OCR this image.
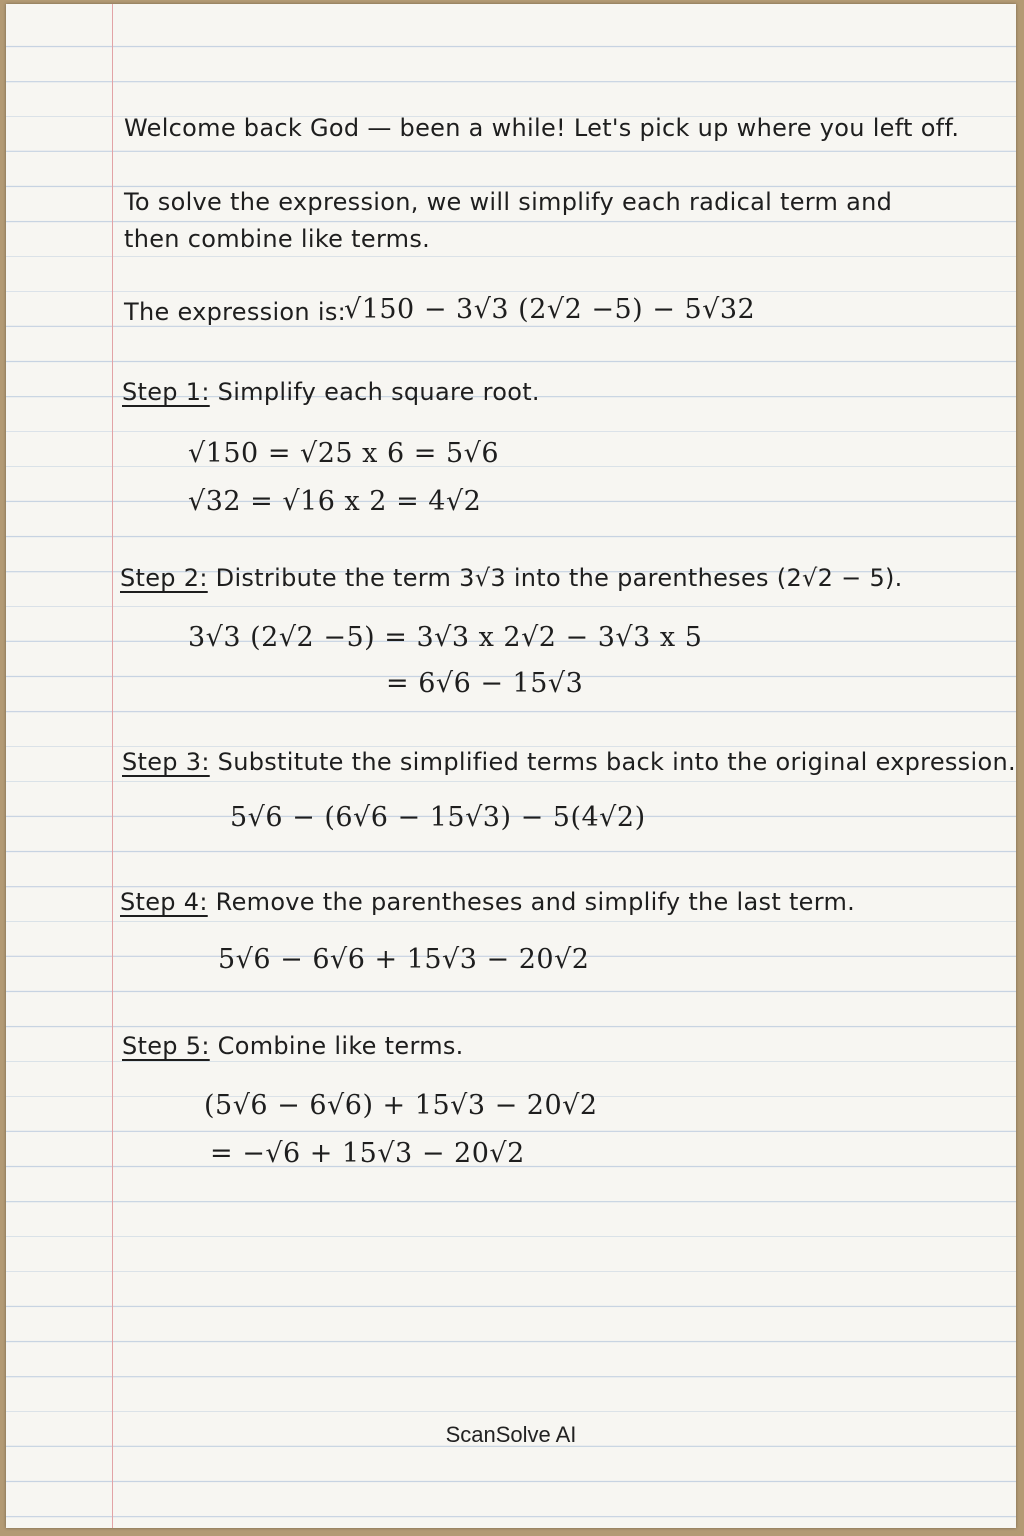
Welcome back God — been a while! Let's pick up where you left off.
To solve the expression, we will simplify each radical term and
then combine like terms.
The expression is:
√150 − 3√3 (2√2 −5) − 5√32
Step 1: Simplify each square root.
√150 = √25 x 6 = 5√6
√32 = √16 x 2 = 4√2
Step 2: Distribute the term 3√3 into the parentheses (2√2 − 5).
3√3 (2√2 −5) = 3√3 x 2√2 − 3√3 x 5
= 6√6 − 15√3
Step 3: Substitute the simplified terms back into the original expression.
5√6 − (6√6 − 15√3) − 5(4√2)
Step 4: Remove the parentheses and simplify the last term.
5√6 − 6√6 + 15√3 − 20√2
Step 5: Combine like terms.
(5√6 − 6√6) + 15√3 − 20√2
= −√6 + 15√3 − 20√2
ScanSolve AI
